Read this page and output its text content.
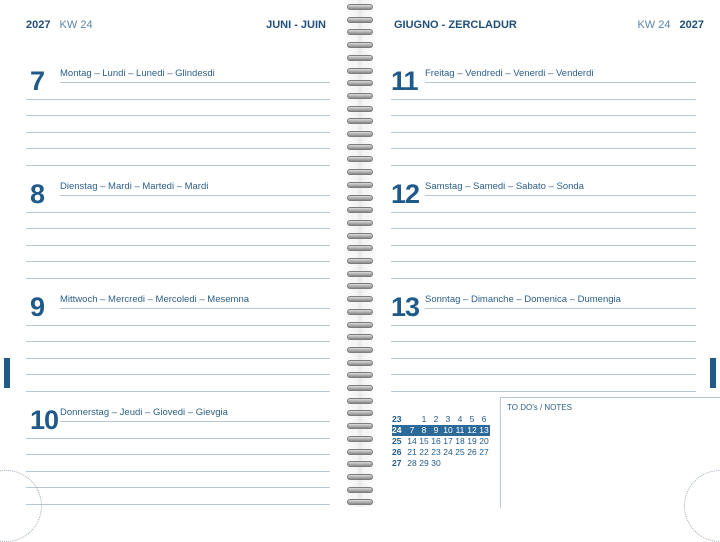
2027 KW 24	JUNI - JUIN
7 Montag – Lundi – Lunedi – Glindesdi
8 Dienstag – Mardi – Martedi – Mardi
9 Mittwoch – Mercredi – Mercoledi – Mesemna
10 Donnerstag – Jeudi – Giovedi – Gievgia
GIUGNO - ZERCLADUR	KW 24 2027
11 Freitag – Vendredi – Venerdi – Venderdi
12 Samstag – Samedi – Sabato – Sonda
13 Sonntag – Dimanche – Domenica – Dumengia
23		1	2	3	4	5	6
24	7	8	9	10	11	12	13
25	14	15	16	17	18	19	20
26	21	22	23	24	25	26	27
27	28	29	30				
TO DO's / NOTES
